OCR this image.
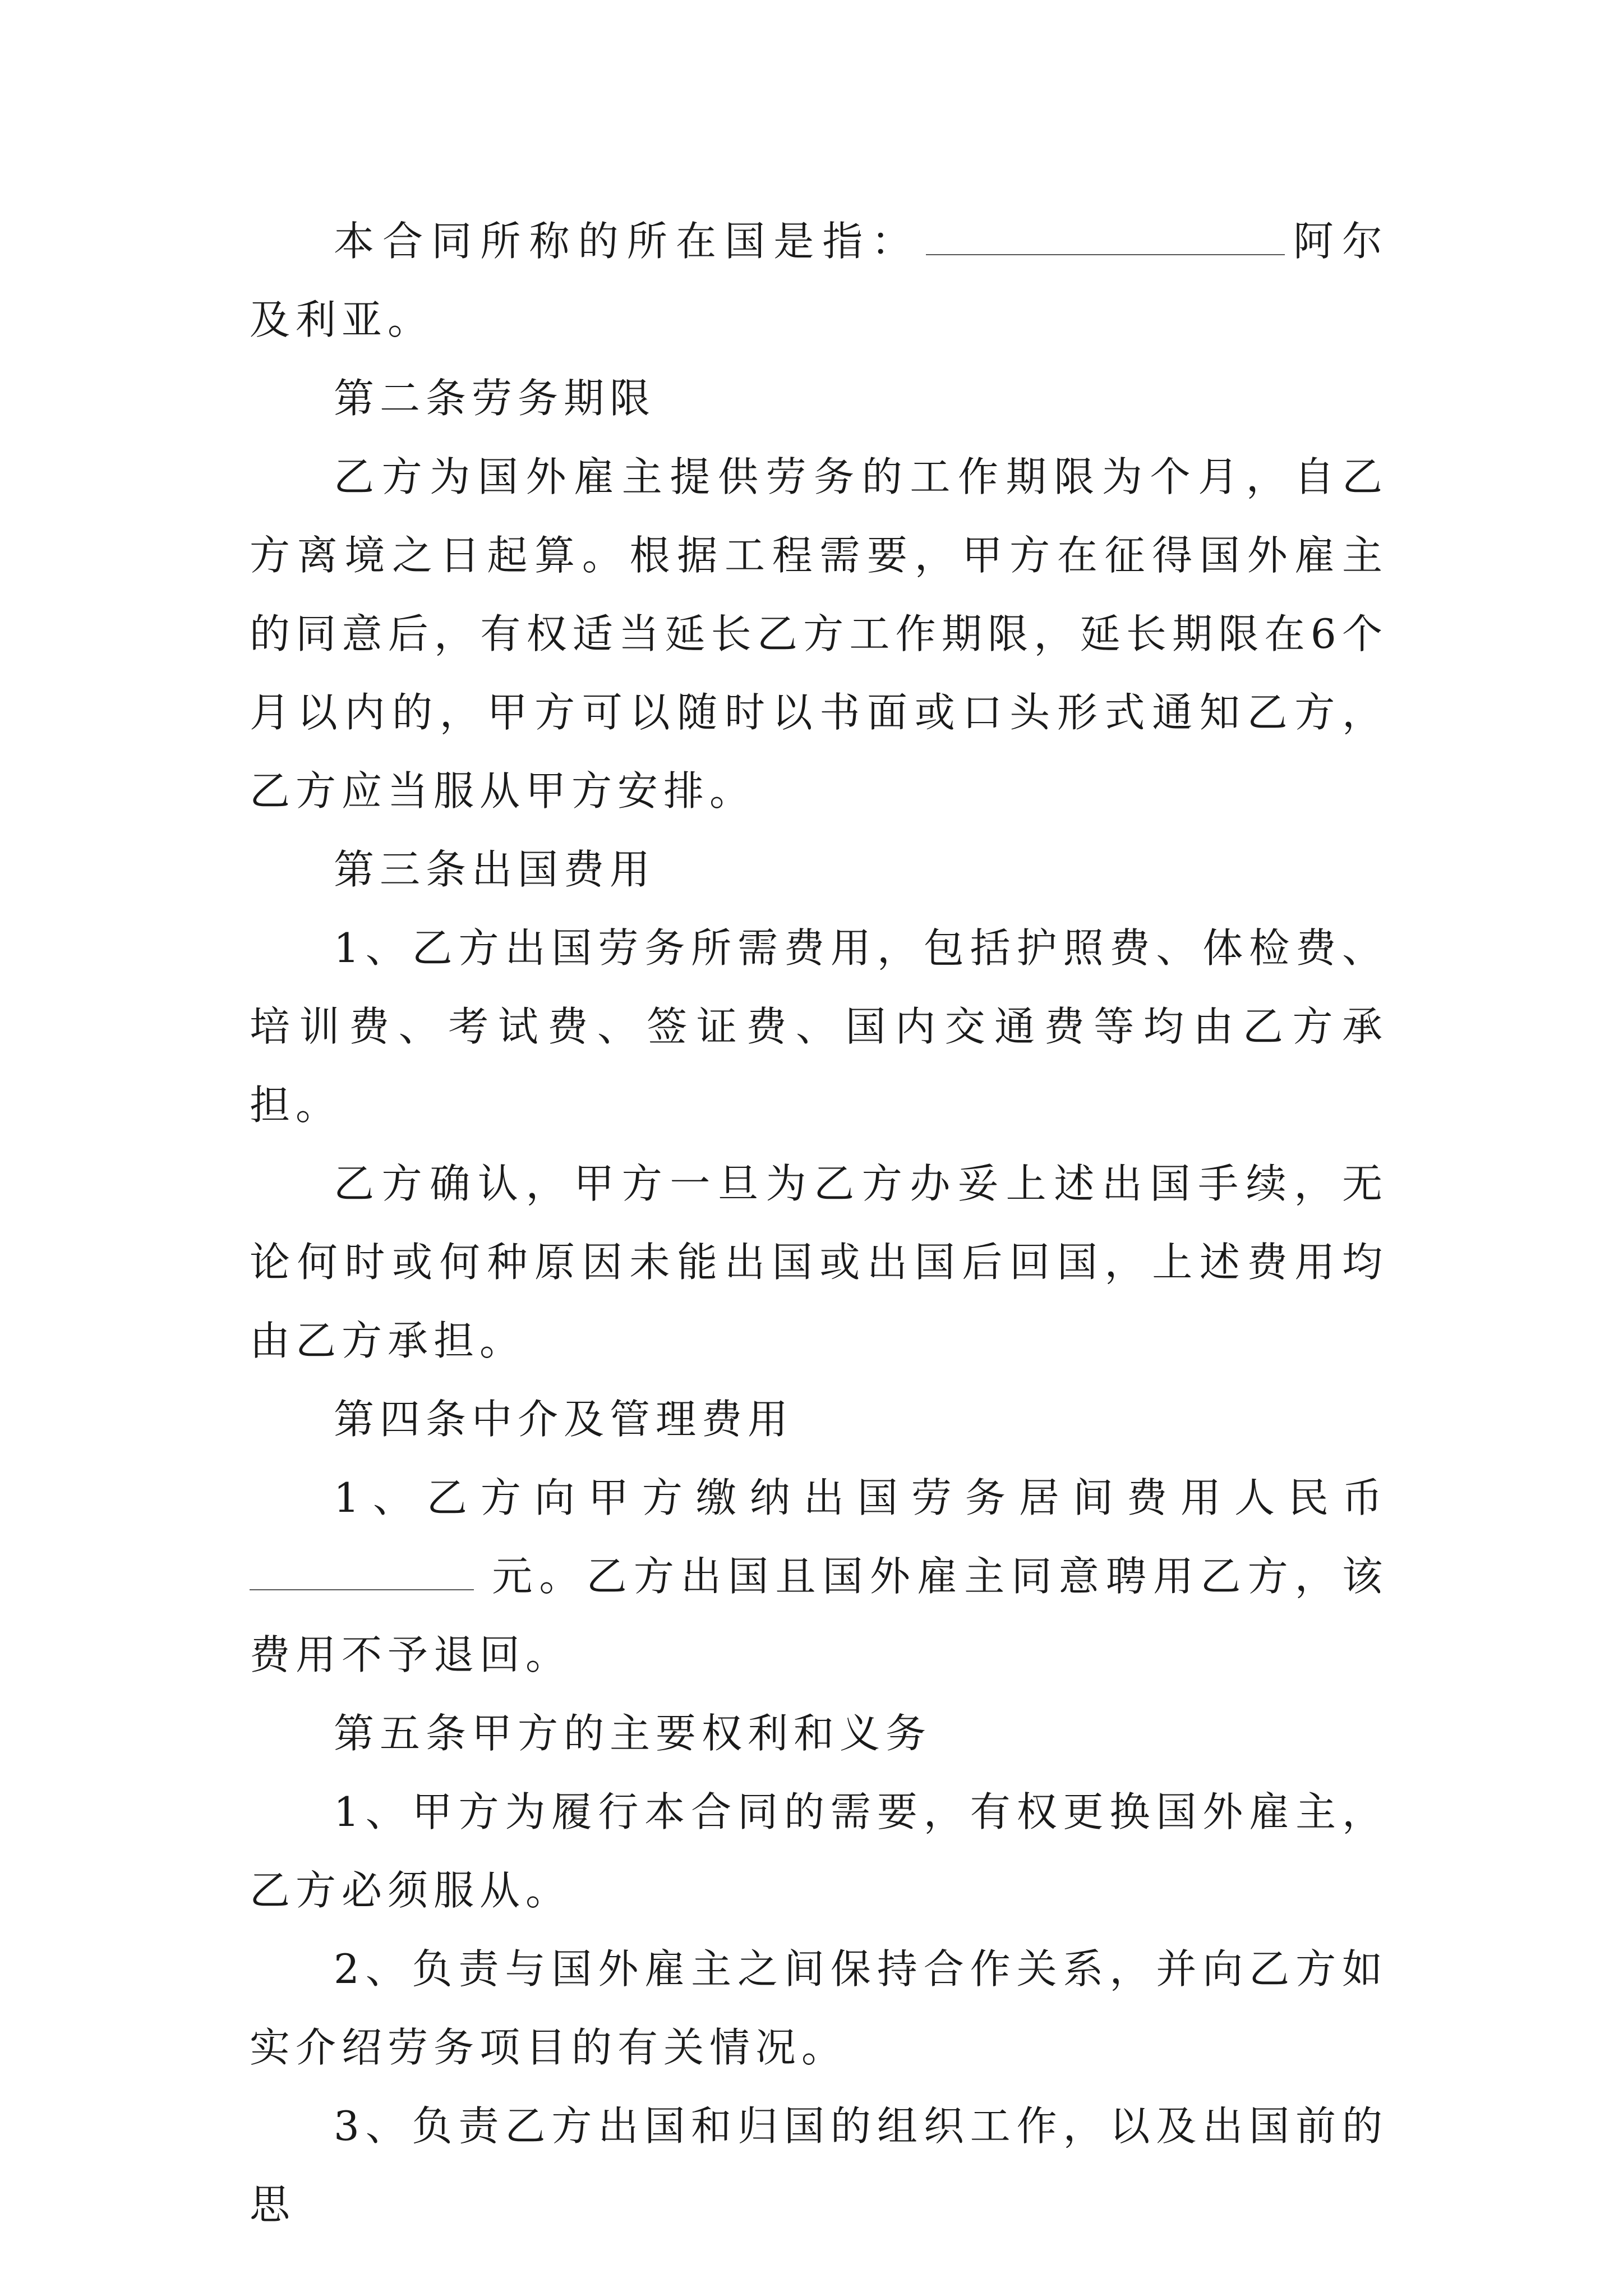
本合同所称的所在国是指：	阿尔及利亚。

第二条劳务期限

乙方为国外雇主提供劳务的工作期限为个月，自乙方离境之日起算。根据工程需要，甲方在征得国外雇主的同意后，有权适当延长乙方工作期限，延长期限在6个月以内的，甲方可以随时以书面或口头形式通知乙方，乙方应当服从甲方安排。

第三条出国费用

1、乙方出国劳务所需费用，包括护照费、体检费、培训费、考试费、签证费、国内交通费等均由乙方承担。

乙方确认，甲方一旦为乙方办妥上述出国手续，无论何时或何种原因未能出国或出国后回国，上述费用均由乙方承担。

第四条中介及管理费用

1、乙方向甲方缴纳出国劳务居间费用人民币

元。乙方出国且国外雇主同意聘用乙方，该费用不予退回。

第五条甲方的主要权利和义务

1、甲方为履行本合同的需要，有权更换国外雇主，乙方必须服从。

2、负责与国外雇主之间保持合作关系，并向乙方如实介绍劳务项目的有关情况。

3、负责乙方出国和归国的组织工作，以及出国前的思
